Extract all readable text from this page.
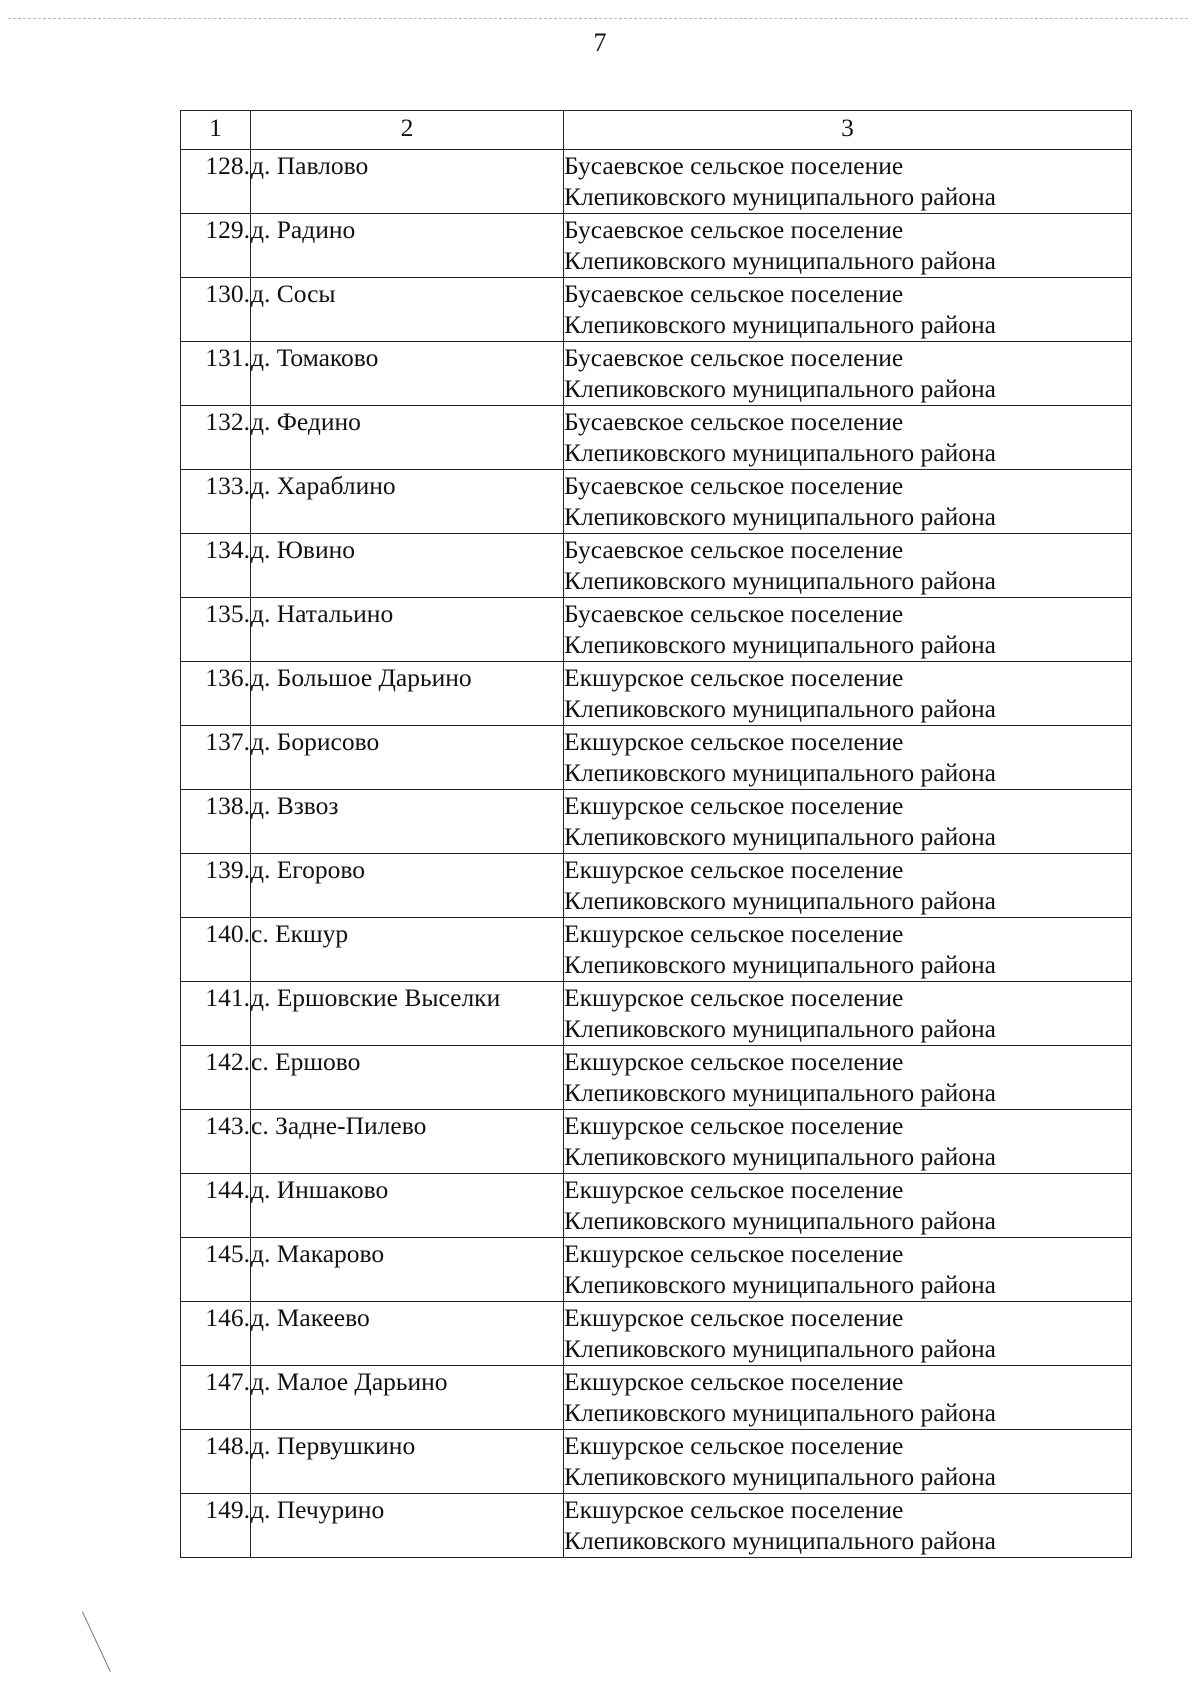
7
1	2	3
128.	д. Павлово	Бусаевское сельское поселение
Клепиковского муниципального района

129.	д. Радино	Бусаевское сельское поселение
Клепиковского муниципального района

130.	д. Сосы	Бусаевское сельское поселение
Клепиковского муниципального района

131.	д. Томаково	Бусаевское сельское поселение
Клепиковского муниципального района

132.	д. Федино	Бусаевское сельское поселение
Клепиковского муниципального района

133.	д. Хараблино	Бусаевское сельское поселение
Клепиковского муниципального района

134.	д. Ювино	Бусаевское сельское поселение
Клепиковского муниципального района

135.	д. Натальино	Бусаевское сельское поселение
Клепиковского муниципального района

136.	д. Большое Дарьино	Екшурское сельское поселение
Клепиковского муниципального района

137.	д. Борисово	Екшурское сельское поселение
Клепиковского муниципального района

138.	д. Взвоз	Екшурское сельское поселение
Клепиковского муниципального района

139.	д. Егорово	Екшурское сельское поселение
Клепиковского муниципального района

140.	с. Екшур	Екшурское сельское поселение
Клепиковского муниципального района

141.	д. Ершовские Выселки	Екшурское сельское поселение
Клепиковского муниципального района

142.	с. Ершово	Екшурское сельское поселение
Клепиковского муниципального района

143.	с. Задне-Пилево	Екшурское сельское поселение
Клепиковского муниципального района

144.	д. Иншаково	Екшурское сельское поселение
Клепиковского муниципального района

145.	д. Макарово	Екшурское сельское поселение
Клепиковского муниципального района

146.	д. Макеево	Екшурское сельское поселение
Клепиковского муниципального района

147.	д. Малое Дарьино	Екшурское сельское поселение
Клепиковского муниципального района

148.	д. Первушкино	Екшурское сельское поселение
Клепиковского муниципального района

149.	д. Печурино	Екшурское сельское поселение
Клепиковского муниципального района
